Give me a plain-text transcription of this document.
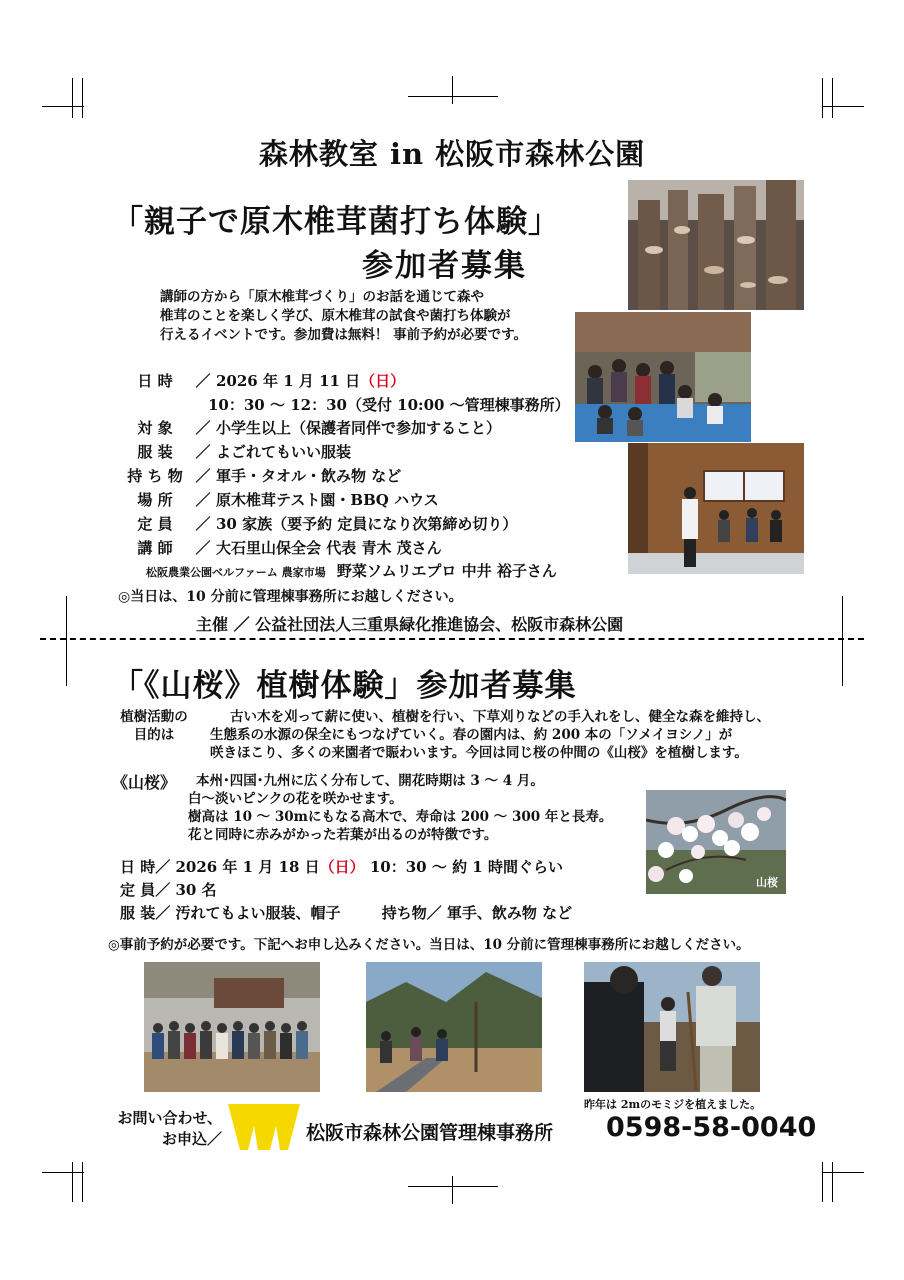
森林教室 in 松阪市森林公園
「親子で原木椎茸菌打ち体験」
参加者募集
講師の方から「原木椎茸づくり」のお話を通じて森や
椎茸のことを楽しく学び、原木椎茸の試食や菌打ち体験が
行えるイベントです。参加費は無料！ 事前予約が必要です。
日 時 ／ 2026 年 1 月 11 日（日）
10：30 ～ 12：30（受付 10:00 ～管理棟事務所）
対 象 ／ 小学生以上（保護者同伴で参加すること）
服 装 ／ よごれてもいい服装
持 ち 物 ／ 軍手・タオル・飲み物 など
場 所 ／ 原木椎茸テスト園・BBQ ハウス
定 員 ／ 30 家族（要予約 定員になり次第締め切り）
講 師 ／ 大石里山保全会 代表 青木 茂さん
松阪農業公園ベルファーム 農家市場 野菜ソムリエプロ 中井 裕子さん
◎当日は、10 分前に管理棟事務所にお越しください。
主催 ／ 公益社団法人三重県緑化推進協会、松阪市森林公園
「《山桜》植樹体験」参加者募集
植樹活動の
目的は
古い木を刈って薪に使い、植樹を行い、下草刈りなどの手入れをし、健全な森を維持し、
生態系の水源の保全にもつなげていく。春の園内は、約 200 本の「ソメイヨシノ」が
咲きほこり、多くの来園者で賑わいます。今回は同じ桜の仲間の《山桜》を植樹します。
《山桜》 本州･四国･九州に広く分布して、開花時期は 3 ～ 4 月。
白～淡いピンクの花を咲かせます。
樹高は 10 ～ 30mにもなる高木で、寿命は 200 ～ 300 年と長寿。
花と同時に赤みがかった若葉が出るのが特徴です。
山桜
日 時／ 2026 年 1 月 18 日（日） 10：30 ～ 約 1 時間ぐらい
定 員／ 30 名
服 装／ 汚れてもよい服装、帽子	持ち物／ 軍手、飲み物 など
◎事前予約が必要です。下記へお申し込みください。当日は、10 分前に管理棟事務所にお越しください。
昨年は 2mのモミジを植えました。
お問い合わせ、
お申込／	松阪市森林公園管理棟事務所 0598-58-0040
